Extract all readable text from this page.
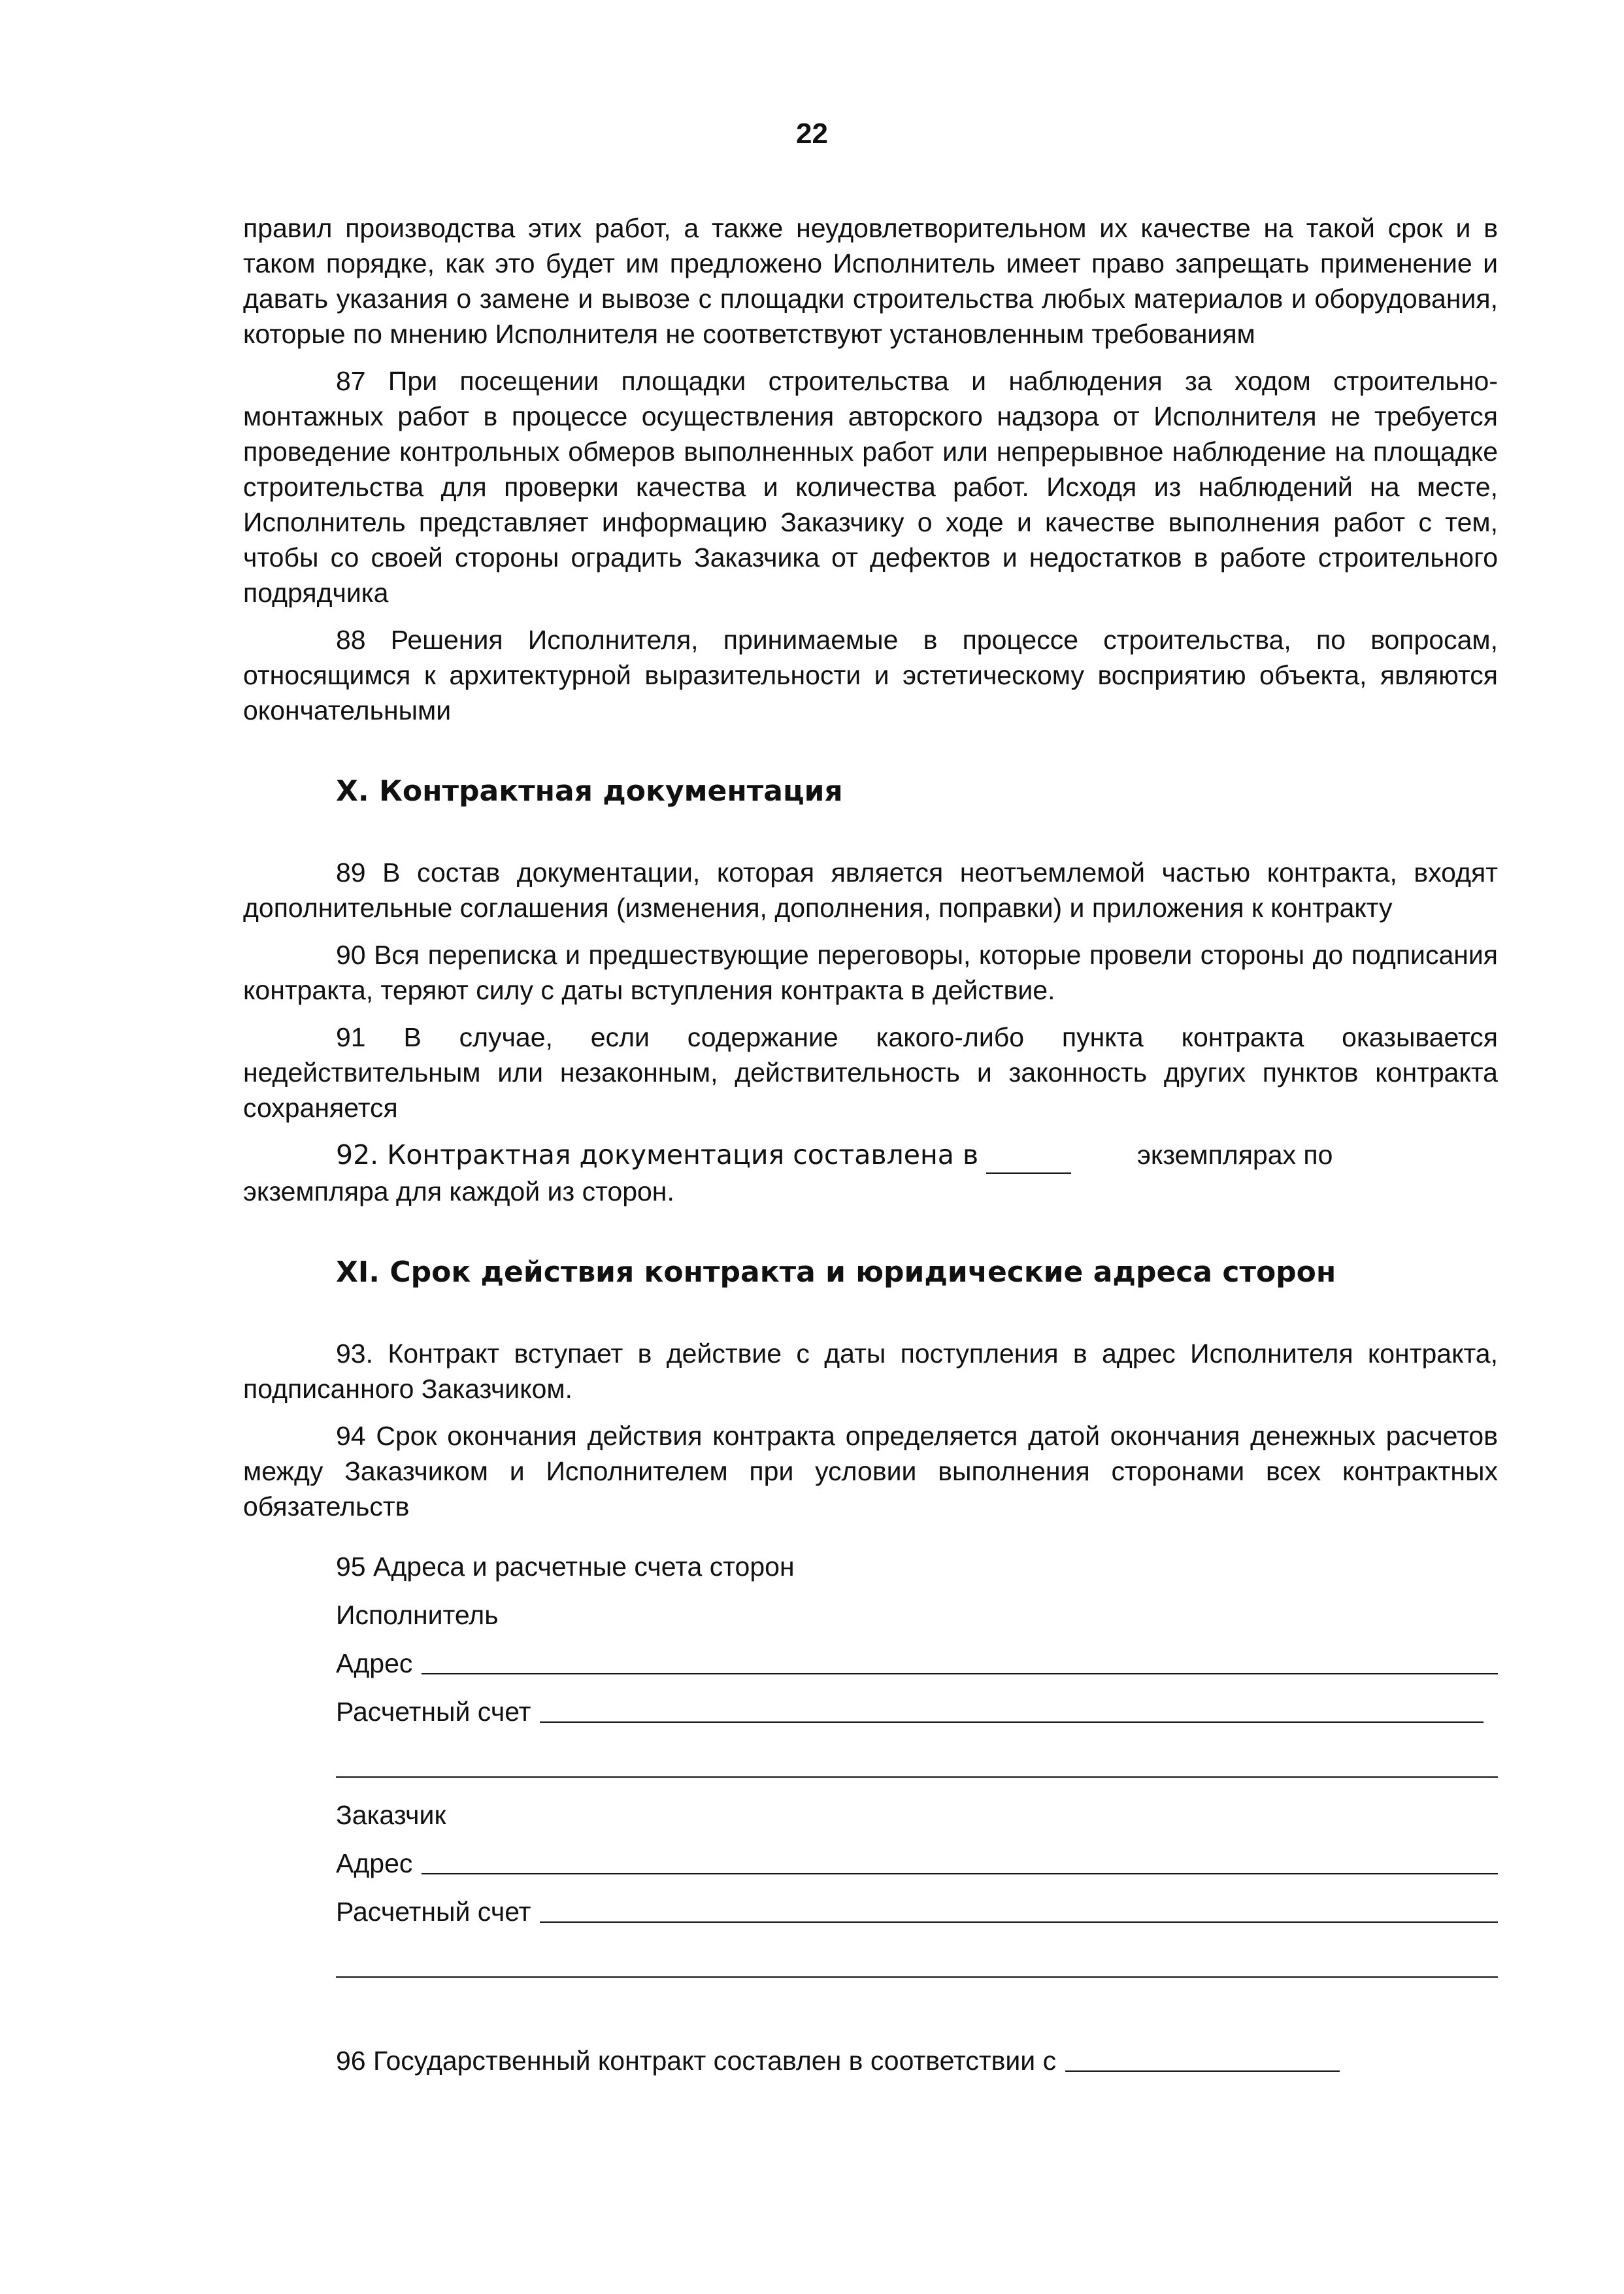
22

правил производства этих работ, а также неудовлетворительном их качестве на такой срок и в таком порядке, как это будет им предложено Исполнитель имеет право запрещать применение и давать указания о замене и вывозе с площадки строительства любых материалов и оборудования, которые по мнению Исполнителя не соответствуют установленным требованиям

87 При посещении площадки строительства и наблюдения за ходом строительно-монтажных работ в процессе осуществления авторского надзора от Исполнителя не требуется проведение контрольных обмеров выполненных работ или непрерывное наблюдение на площадке строительства для проверки качества и количества работ. Исходя из наблюдений на месте, Исполнитель представляет информацию Заказчику о ходе и качестве выполнения работ с тем, чтобы со своей стороны оградить Заказчика от дефектов и недостатков в работе строительного подрядчика

88 Решения Исполнителя, принимаемые в процессе строительства, по вопросам, относящимся к архитектурной выразительности и эстетическому восприятию объекта, являются окончательными

X. Контрактная документация

89 В состав документации, которая является неотъемлемой частью контракта, входят дополнительные соглашения (изменения, дополнения, поправки) и приложения к контракту

90 Вся переписка и предшествующие переговоры, которые провели стороны до подписания контракта, теряют силу с даты вступления контракта в действие.

91 В случае, если содержание какого-либо пункта контракта оказывается недействительным или незаконным, действительность и законность других пунктов контракта сохраняется

92. Контрактная документация составлена в	экземплярах по
экземпляра для каждой из сторон.
XI. Срок действия контракта и юридические адреса сторон

93. Контракт вступает в действие с даты поступления в адрес Исполнителя контракта, подписанного Заказчиком.

94 Срок окончания действия контракта определяется датой окончания денежных расчетов между Заказчиком и Исполнителем при условии выполнения сторонами всех контрактных обязательств

95 Адреса и расчетные счета сторон
Исполнитель
Адрес
Расчетный счет
Заказчик
Адрес
Расчетный счет
96 Государственный контракт составлен в соответствии с
